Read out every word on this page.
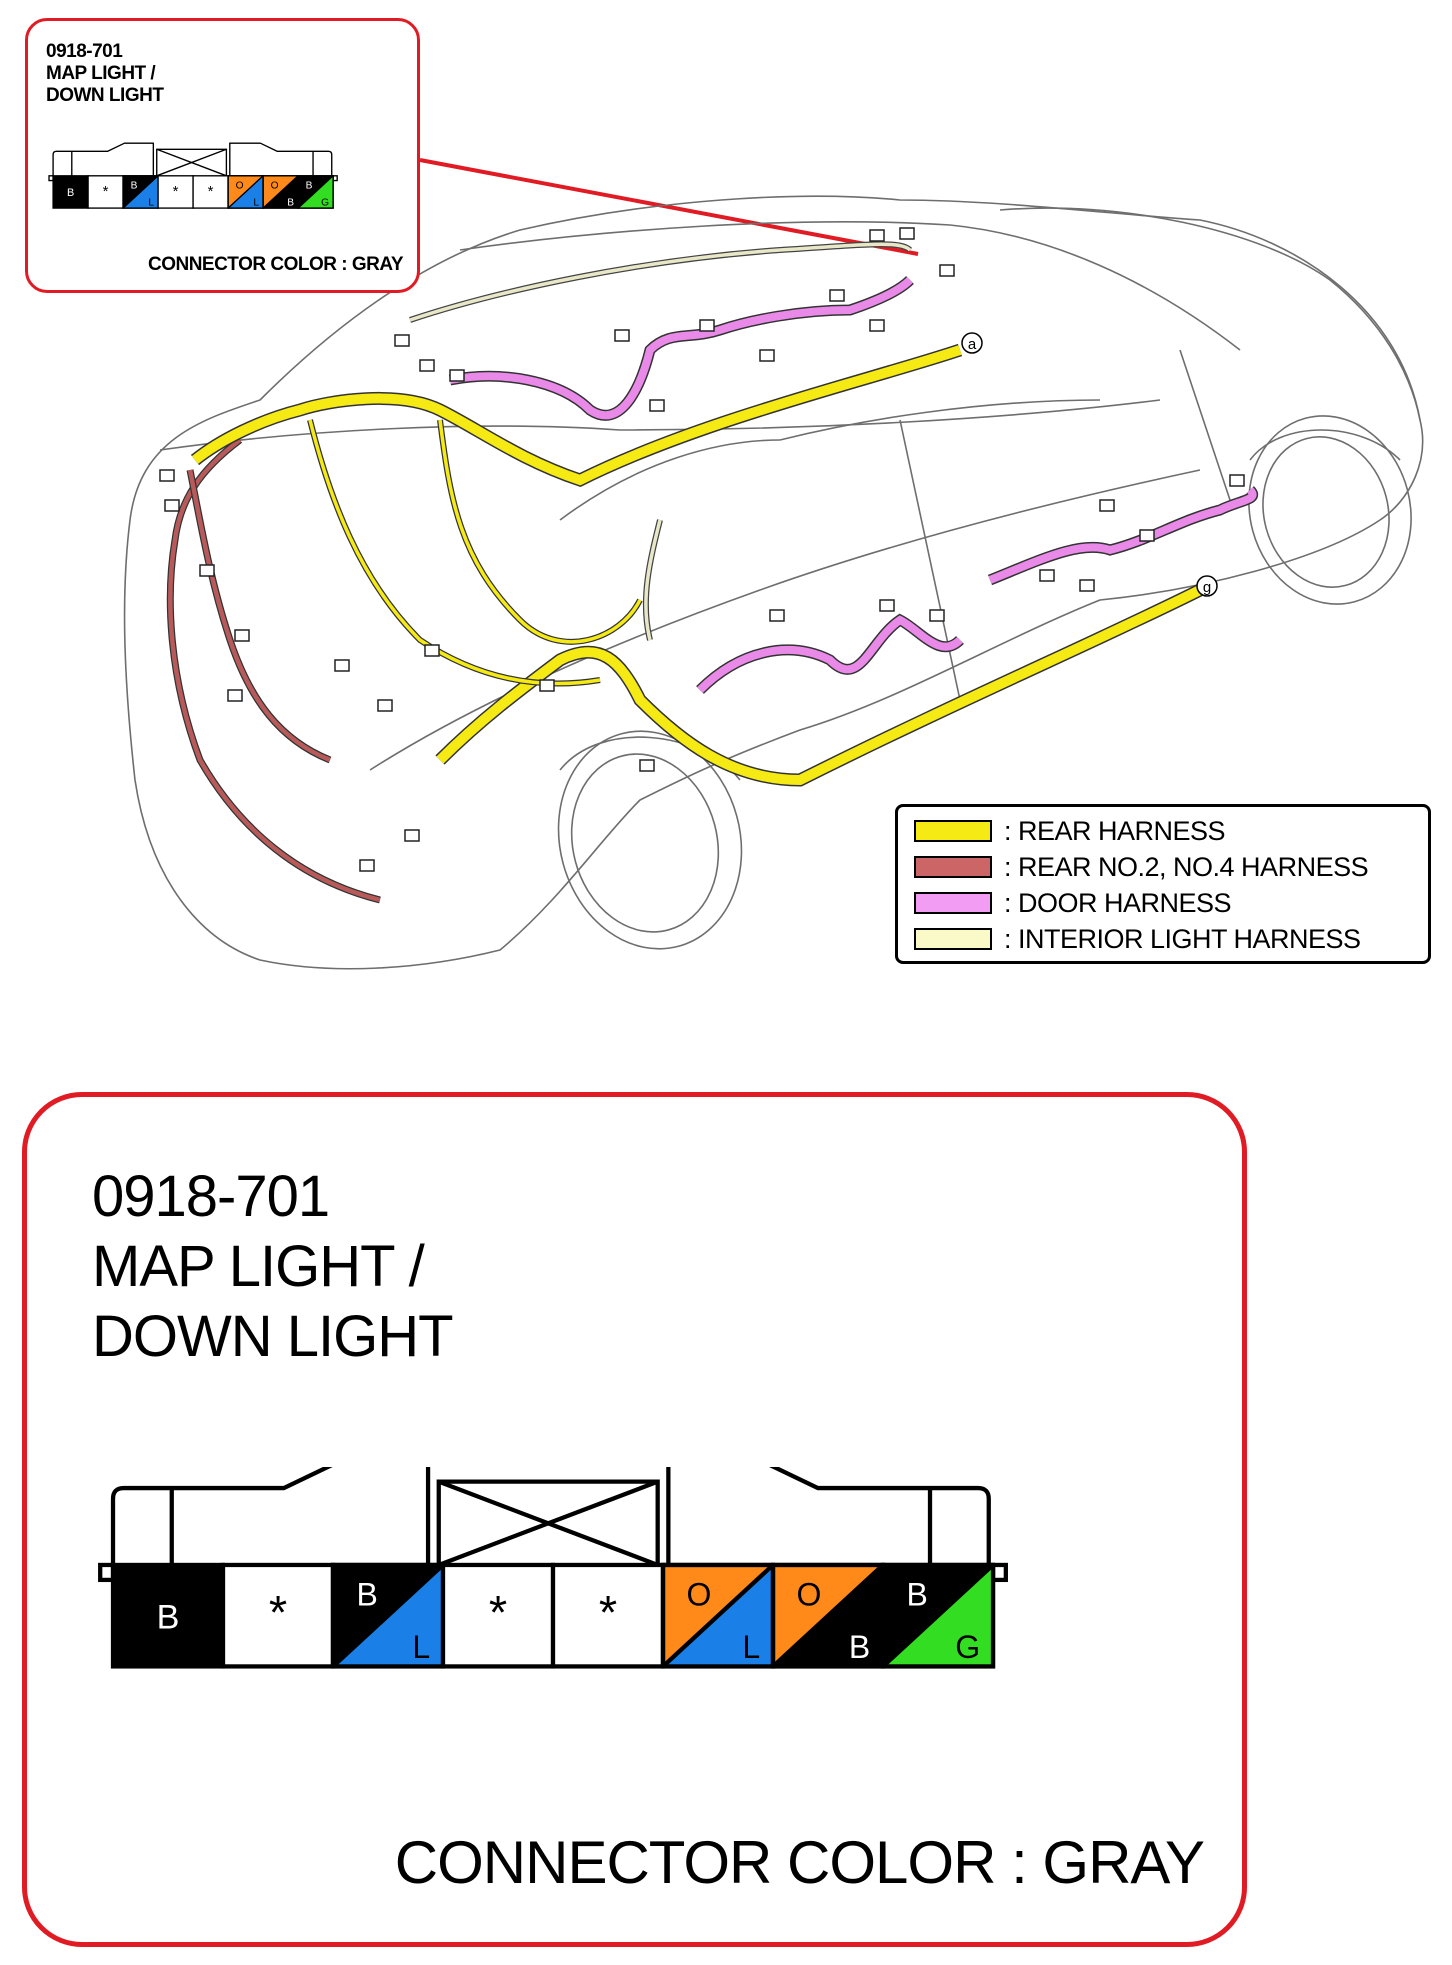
a
g
0918-701
MAP LIGHT /
DOWN LIGHT
B * B
L
* * O
L
O
B
B
G
CONNECTOR COLOR : GRAY
: REAR HARNESS
: REAR NO.2, NO.4 HARNESS
: DOOR HARNESS
: INTERIOR LIGHT HARNESS
0918-701
MAP LIGHT /
DOWN LIGHT
B * B
L
* * O
L
O
B
B
G
CONNECTOR COLOR : GRAY
